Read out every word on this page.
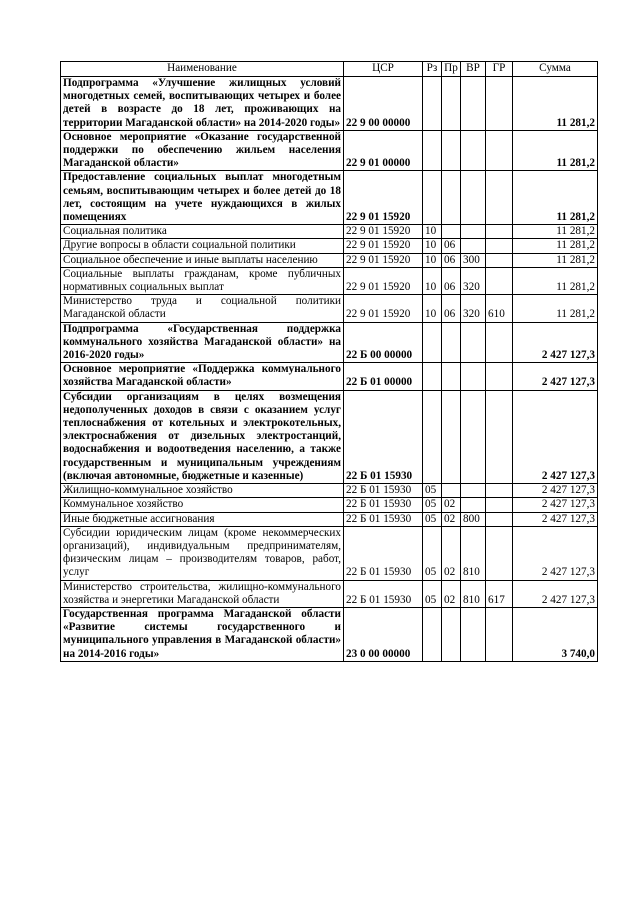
Наименование	ЦСР	Рз	Пр	ВР	ГР	Сумма
Подпрограмма «Улучшение жилищных условий многодетных семей, воспитывающих четырех и более детей в возрасте до 18 лет, проживающих на территории Магаданской области» на 2014-2020 годы»	22 9 00 00000					11 281,2
Основное мероприятие «Оказание государственной поддержки по обеспечению жильем населения Магаданской области»	22 9 01 00000					11 281,2
Предоставление социальных выплат многодетным семьям, воспитывающим четырех и более детей до 18 лет, состоящим на учете нуждающихся в жилых помещениях	22 9 01 15920					11 281,2
Социальная политика	22 9 01 15920	10				11 281,2
Другие вопросы в области социальной политики	22 9 01 15920	10	06			11 281,2
Социальное обеспечение и иные выплаты населению	22 9 01 15920	10	06	300		11 281,2
Социальные выплаты гражданам, кроме публичных нормативных социальных выплат	22 9 01 15920	10	06	320		11 281,2
Министерство труда и социальной политики Магаданской области	22 9 01 15920	10	06	320	610	11 281,2
Подпрограмма «Государственная поддержка коммунального хозяйства Магаданской области» на 2016-2020 годы»	22 Б 00 00000					2 427 127,3
Основное мероприятие «Поддержка коммунального хозяйства Магаданской области»	22 Б 01 00000					2 427 127,3
Субсидии организациям в целях возмещения недополученных доходов в связи с оказанием услуг теплоснабжения от котельных и электрокотельных, электроснабжения от дизельных электростанций, водоснабжения и водоотведения населению, а также государственным и муниципальным учреждениям (включая автономные, бюджетные и казенные)	22 Б 01 15930					2 427 127,3
Жилищно-коммунальное хозяйство	22 Б 01 15930	05				2 427 127,3
Коммунальное хозяйство	22 Б 01 15930	05	02			2 427 127,3
Иные бюджетные ассигнования	22 Б 01 15930	05	02	800		2 427 127,3
Субсидии юридическим лицам (кроме некоммерческих организаций), индивидуальным предпринимателям, физическим лицам – производителям товаров, работ, услуг	22 Б 01 15930	05	02	810		2 427 127,3
Министерство строительства, жилищно-коммунального хозяйства и энергетики Магаданской области	22 Б 01 15930	05	02	810	617	2 427 127,3
Государственная программа Магаданской области «Развитие системы государственного и муниципального управления в Магаданской области» на 2014-2016 годы»	23 0 00 00000					3 740,0
